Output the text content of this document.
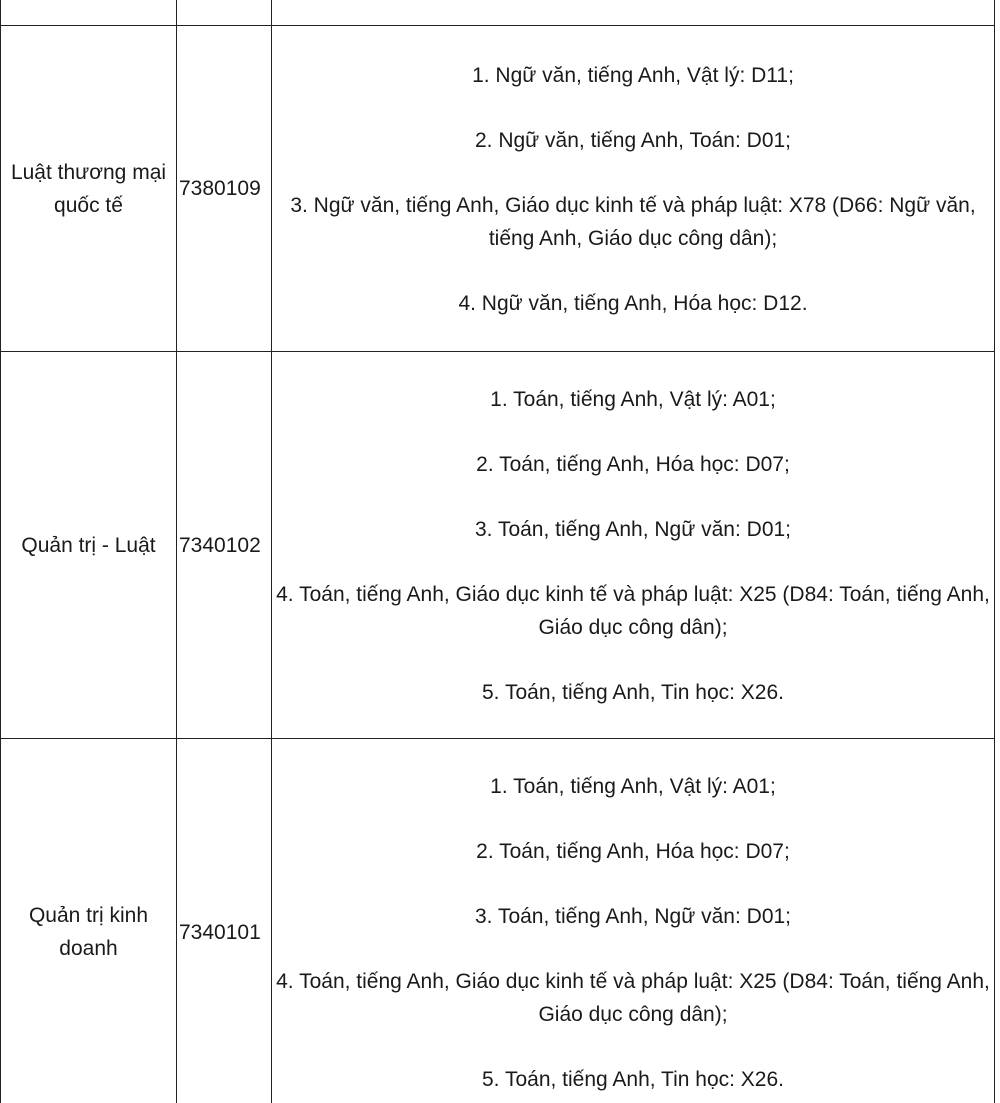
Luật thương mại quốc tế	7380109	1. Ngữ văn, tiếng Anh, Vật lý: D11;

2. Ngữ văn, tiếng Anh, Toán: D01;

3. Ngữ văn, tiếng Anh, Giáo dục kinh tế và pháp luật: X78 (D66: Ngữ văn, tiếng Anh, Giáo dục công dân);

4. Ngữ văn, tiếng Anh, Hóa học: D12.

Quản trị - Luật	7340102	1. Toán, tiếng Anh, Vật lý: A01;

2. Toán, tiếng Anh, Hóa học: D07;

3. Toán, tiếng Anh, Ngữ văn: D01;

4. Toán, tiếng Anh, Giáo dục kinh tế và pháp luật: X25 (D84: Toán, tiếng Anh, Giáo dục công dân);

5. Toán, tiếng Anh, Tin học: X26.

Quản trị kinh doanh	7340101	1. Toán, tiếng Anh, Vật lý: A01;

2. Toán, tiếng Anh, Hóa học: D07;

3. Toán, tiếng Anh, Ngữ văn: D01;

4. Toán, tiếng Anh, Giáo dục kinh tế và pháp luật: X25 (D84: Toán, tiếng Anh, Giáo dục công dân);

5. Toán, tiếng Anh, Tin học: X26.
